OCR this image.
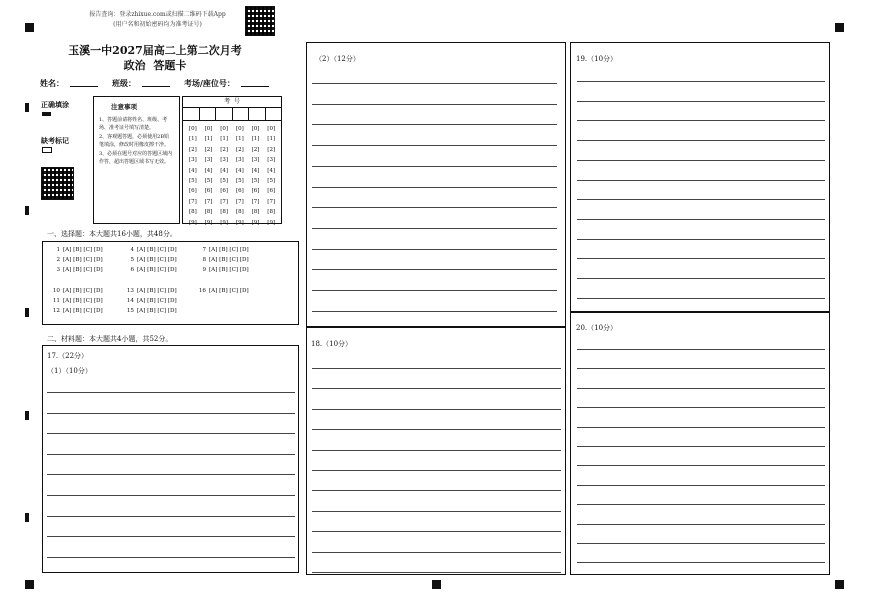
报告查询：登录zhixue.com或扫描二维码下载App
(用户名和初始密码均为准考证号)
玉溪一中2027届高二上第二次月考
政治  答题卡
姓名：	班级：	考场/座位号：
正确填涂
缺考标记
注意事项
1、答题前请将姓名、班级、考场、准考证号填写清楚。
2、客观题答题，必须使用2B铅笔填涂，修改时用橡皮擦干净。
3、必须在题号对应的答题区域内作答，超出答题区域书写无效。
考  号
[0]
[1]
[2]
[3]
[4]
[5]
[6]
[7]
[8]
[9]
[0]
[1]
[2]
[3]
[4]
[5]
[6]
[7]
[8]
[9]
[0]
[1]
[2]
[3]
[4]
[5]
[6]
[7]
[8]
[9]
[0]
[1]
[2]
[3]
[4]
[5]
[6]
[7]
[8]
[9]
[0]
[1]
[2]
[3]
[4]
[5]
[6]
[7]
[8]
[9]
[0]
[1]
[2]
[3]
[4]
[5]
[6]
[7]
[8]
[9]
一、选择题：本大题共16小题，共48分。
1 [A] [B] [C] [D]
2 [A] [B] [C] [D]
3 [A] [B] [C] [D]
4 [A] [B] [C] [D]
5 [A] [B] [C] [D]
6 [A] [B] [C] [D]
7 [A] [B] [C] [D]
8 [A] [B] [C] [D]
9 [A] [B] [C] [D]
10 [A] [B] [C] [D]
11 [A] [B] [C] [D]
12 [A] [B] [C] [D]
13 [A] [B] [C] [D]
14 [A] [B] [C] [D]
15 [A] [B] [C] [D]
16 [A] [B] [C] [D]
二、材料题：本大题共4小题，共52分。
17.（22分）
（1）（10分）
（2）（12分）
18.（10分）
19.（10分）
20.（10分）
